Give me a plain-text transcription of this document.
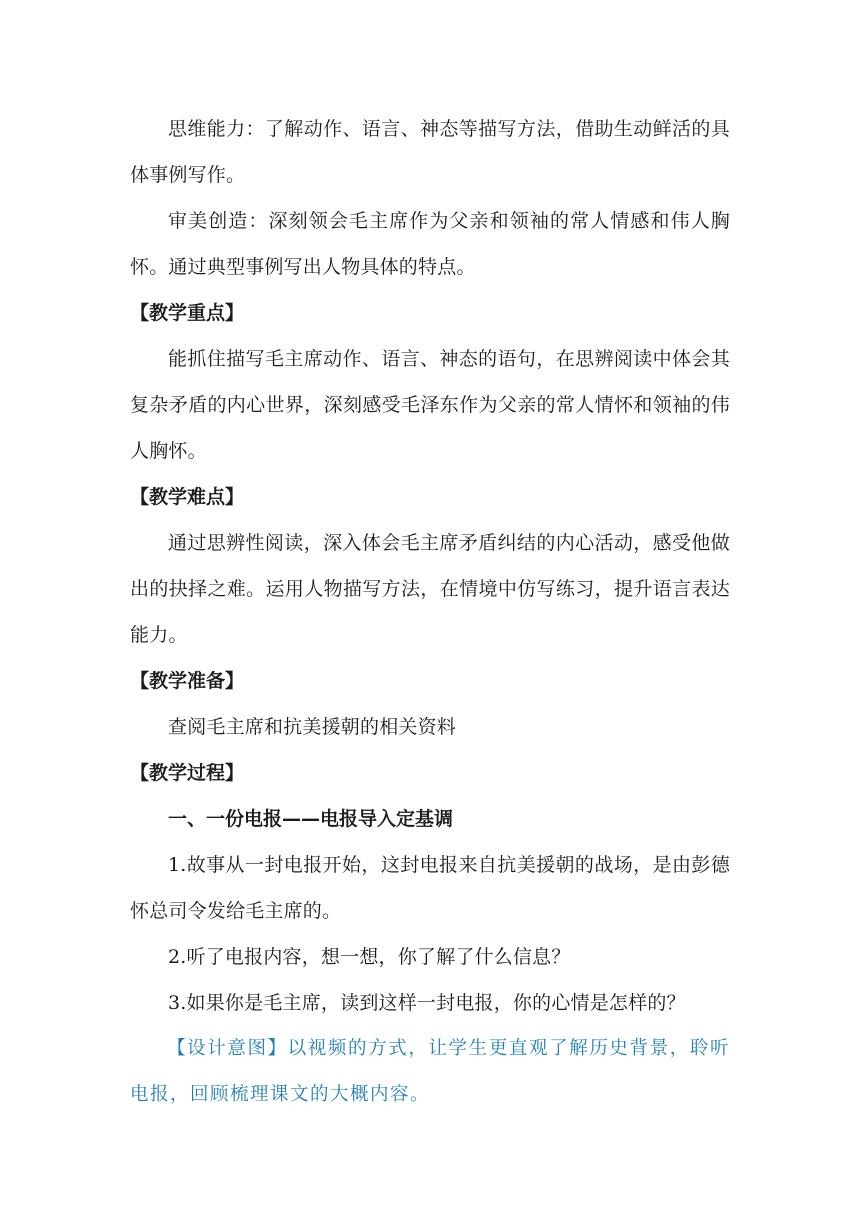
思维能力：了解动作、语言、神态等描写方法，借助生动鲜活的具体事例写作。

审美创造：深刻领会毛主席作为父亲和领袖的常人情感和伟人胸怀。通过典型事例写出人物具体的特点。

【教学重点】

能抓住描写毛主席动作、语言、神态的语句，在思辨阅读中体会其复杂矛盾的内心世界，深刻感受毛泽东作为父亲的常人情怀和领袖的伟人胸怀。

【教学难点】

通过思辨性阅读，深入体会毛主席矛盾纠结的内心活动，感受他做出的抉择之难。运用人物描写方法，在情境中仿写练习，提升语言表达能力。

【教学准备】

查阅毛主席和抗美援朝的相关资料

【教学过程】

一、一份电报——电报导入定基调

1.故事从一封电报开始，这封电报来自抗美援朝的战场，是由彭德怀总司令发给毛主席的。

2.听了电报内容，想一想，你了解了什么信息？

3.如果你是毛主席，读到这样一封电报，你的心情是怎样的？

【设计意图】以视频的方式，让学生更直观了解历史背景，聆听电报，回顾梳理课文的大概内容。
